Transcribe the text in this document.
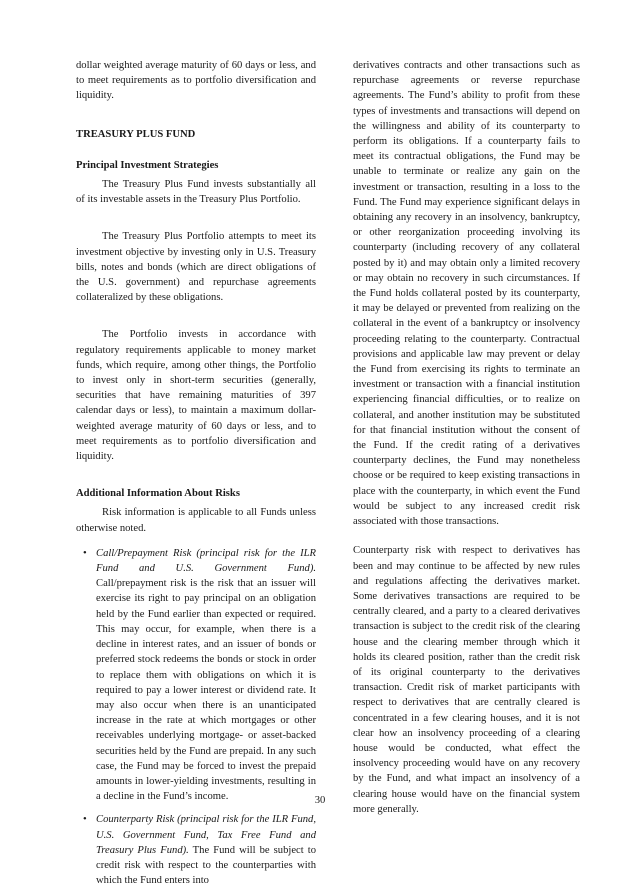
dollar weighted average maturity of 60 days or less, and to meet requirements as to portfolio diversification and liquidity.

TREASURY PLUS FUND

Principal Investment Strategies

The Treasury Plus Fund invests substantially all of its investable assets in the Treasury Plus Portfolio.

The Treasury Plus Portfolio attempts to meet its investment objective by investing only in U.S. Treasury bills, notes and bonds (which are direct obligations of the U.S. government) and repurchase agreements collateralized by these obligations.

The Portfolio invests in accordance with regulatory requirements applicable to money market funds, which require, among other things, the Portfolio to invest only in short-term securities (generally, securities that have remaining maturities of 397 calendar days or less), to maintain a maximum dollar-weighted average maturity of 60 days or less, and to meet requirements as to portfolio diversification and liquidity.

Additional Information About Risks

Risk information is applicable to all Funds unless otherwise noted.

• Call/Prepayment Risk (principal risk for the ILR Fund and U.S. Government Fund). Call/prepayment risk is the risk that an issuer will exercise its right to pay principal on an obligation held by the Fund earlier than expected or required. This may occur, for example, when there is a decline in interest rates, and an issuer of bonds or preferred stock redeems the bonds or stock in order to replace them with obligations on which it is required to pay a lower interest or dividend rate. It may also occur when there is an unanticipated increase in the rate at which mortgages or other receivables underlying mortgage- or asset-backed securities held by the Fund are prepaid. In any such case, the Fund may be forced to invest the prepaid amounts in lower-yielding investments, resulting in a decline in the Fund’s income.

• Counterparty Risk (principal risk for the ILR Fund, U.S. Government Fund, Tax Free Fund and Treasury Plus Fund). The Fund will be subject to credit risk with respect to the counterparties with which the Fund enters into

derivatives contracts and other transactions such as repurchase agreements or reverse repurchase agreements. The Fund’s ability to profit from these types of investments and transactions will depend on the willingness and ability of its counterparty to perform its obligations. If a counterparty fails to meet its contractual obligations, the Fund may be unable to terminate or realize any gain on the investment or transaction, resulting in a loss to the Fund. The Fund may experience significant delays in obtaining any recovery in an insolvency, bankruptcy, or other reorganization proceeding involving its counterparty (including recovery of any collateral posted by it) and may obtain only a limited recovery or may obtain no recovery in such circumstances. If the Fund holds collateral posted by its counterparty, it may be delayed or prevented from realizing on the collateral in the event of a bankruptcy or insolvency proceeding relating to the counterparty. Contractual provisions and applicable law may prevent or delay the Fund from exercising its rights to terminate an investment or transaction with a financial institution experiencing financial difficulties, or to realize on collateral, and another institution may be substituted for that financial institution without the consent of the Fund. If the credit rating of a derivatives counterparty declines, the Fund may nonetheless choose or be required to keep existing transactions in place with the counterparty, in which event the Fund would be subject to any increased credit risk associated with those transactions.

Counterparty risk with respect to derivatives has been and may continue to be affected by new rules and regulations affecting the derivatives market. Some derivatives transactions are required to be centrally cleared, and a party to a cleared derivatives transaction is subject to the credit risk of the clearing house and the clearing member through which it holds its cleared position, rather than the credit risk of its original counterparty to the derivatives transaction. Credit risk of market participants with respect to derivatives that are centrally cleared is concentrated in a few clearing houses, and it is not clear how an insolvency proceeding of a clearing house would be conducted, what effect the insolvency proceeding would have on any recovery by the Fund, and what impact an insolvency of a clearing house would have on the financial system more generally.

30
